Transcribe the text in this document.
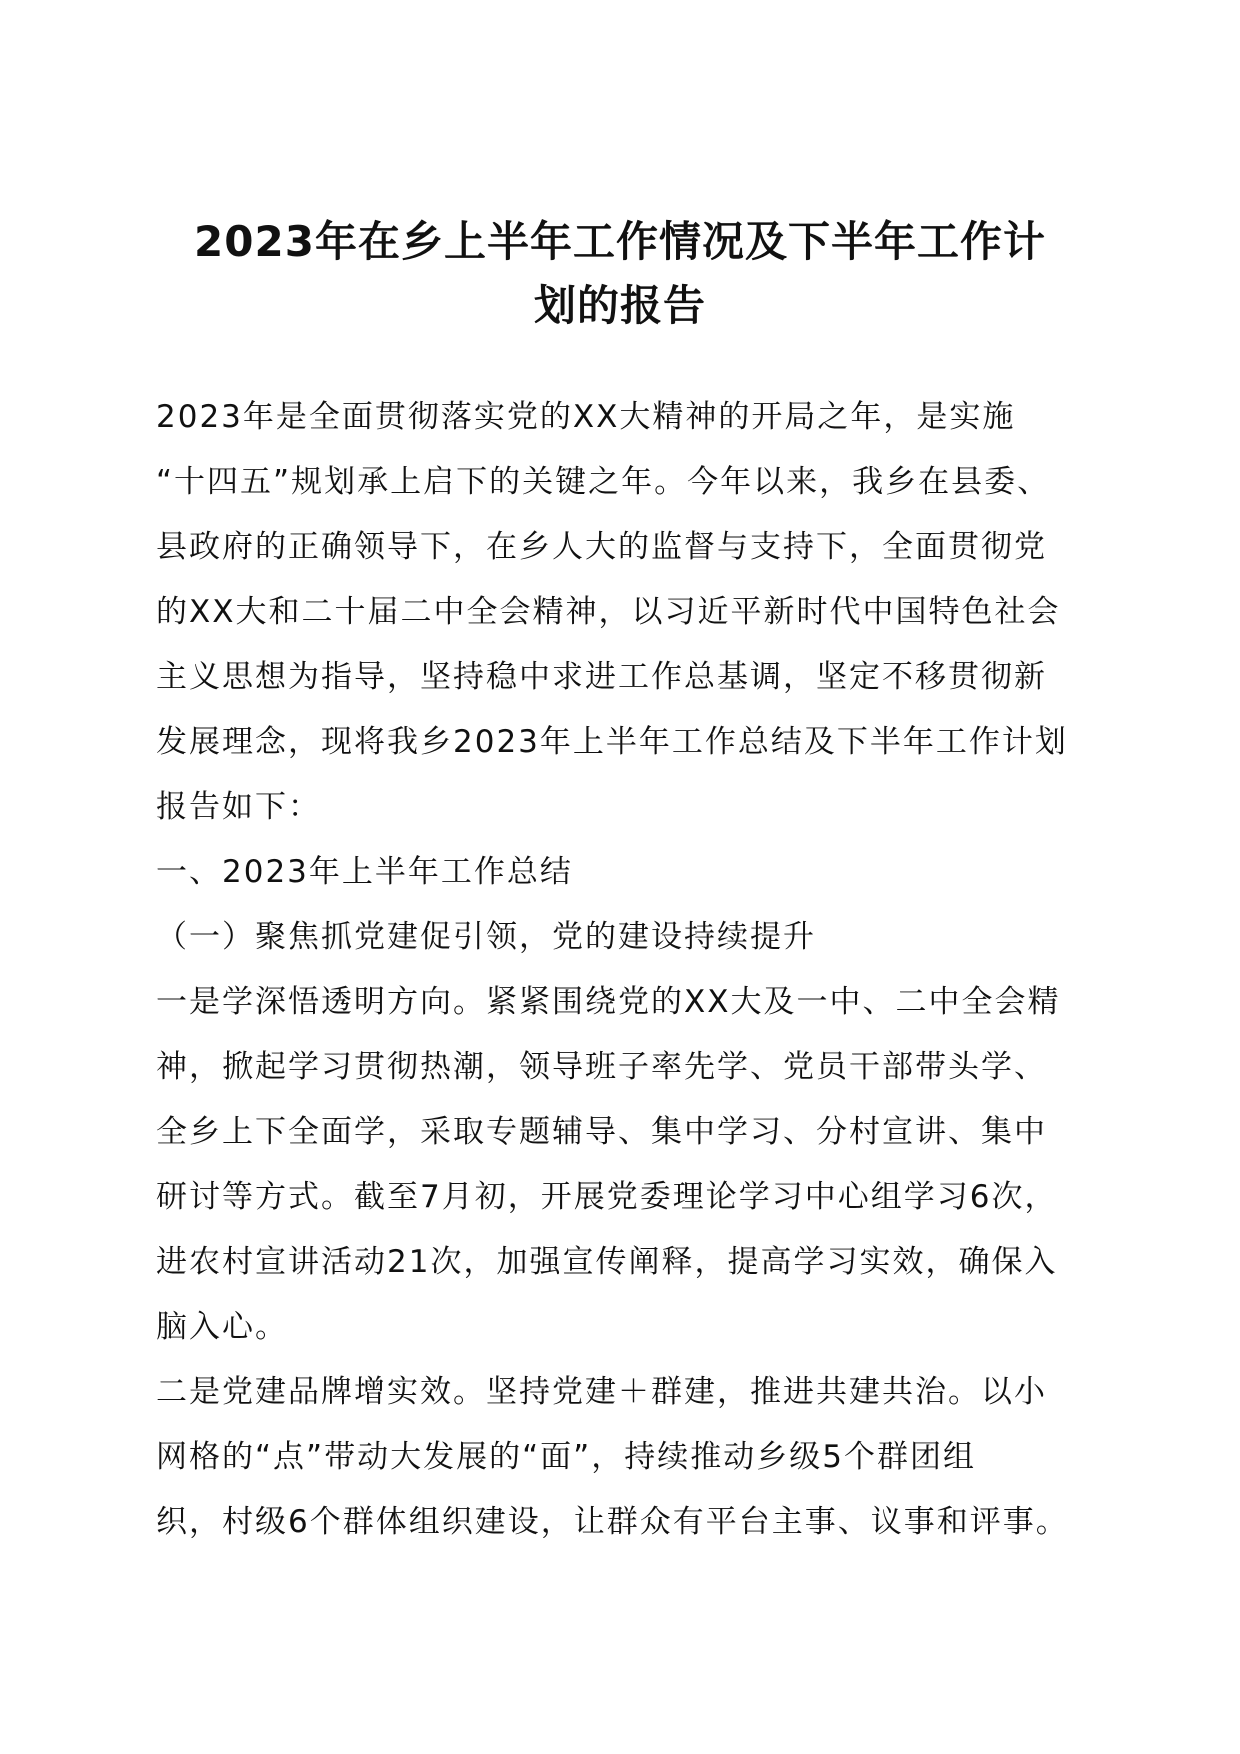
2023年在乡上半年工作情况及下半年工作计
划的报告
2023年是全面贯彻落实党的XX大精神的开局之年，是实施
“十四五”规划承上启下的关键之年。今年以来，我乡在县委、
县政府的正确领导下，在乡人大的监督与支持下，全面贯彻党
的XX大和二十届二中全会精神，以习近平新时代中国特色社会
主义思想为指导，坚持稳中求进工作总基调，坚定不移贯彻新
发展理念，现将我乡2023年上半年工作总结及下半年工作计划
报告如下：
一、2023年上半年工作总结
（一）聚焦抓党建促引领，党的建设持续提升
一是学深悟透明方向。紧紧围绕党的XX大及一中、二中全会精
神，掀起学习贯彻热潮，领导班子率先学、党员干部带头学、
全乡上下全面学，采取专题辅导、集中学习、分村宣讲、集中
研讨等方式。截至7月初，开展党委理论学习中心组学习6次，
进农村宣讲活动21次，加强宣传阐释，提高学习实效，确保入
脑入心。
二是党建品牌增实效。坚持党建＋群建，推进共建共治。以小
网格的“点”带动大发展的“面”，持续推动乡级5个群团组
织，村级6个群体组织建设，让群众有平台主事、议事和评事。
